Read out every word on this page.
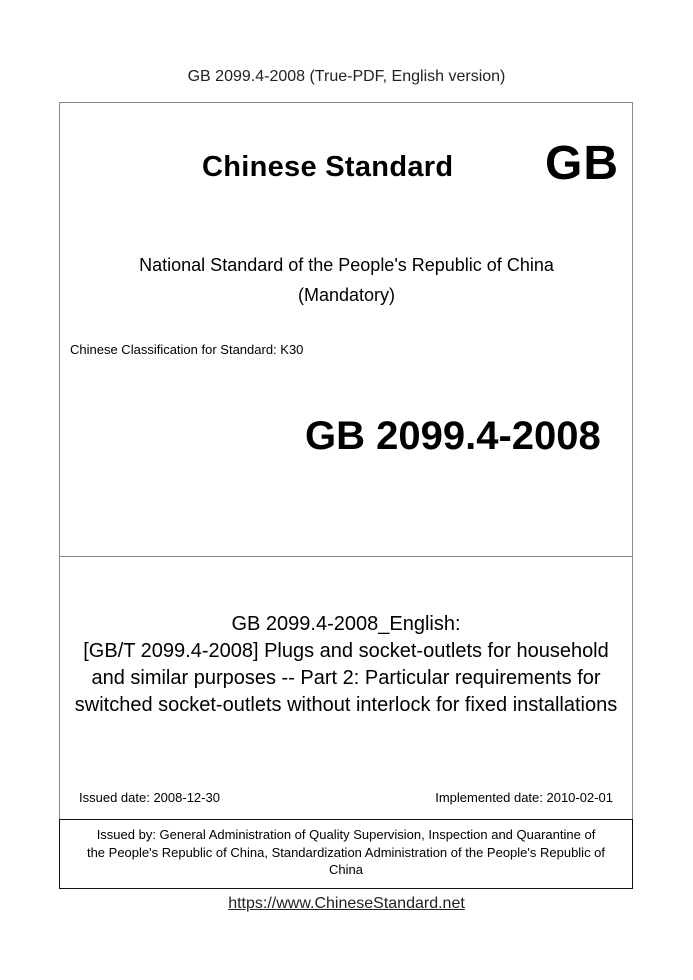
GB 2099.4-2008 (True-PDF, English version)
Chinese Standard GB
National Standard of the People's Republic of China
(Mandatory)
Chinese Classification for Standard: K30
GB 2099.4-2008
GB 2099.4-2008_English:
[GB/T 2099.4-2008] Plugs and socket-outlets for household
and similar purposes -- Part 2: Particular requirements for
switched socket-outlets without interlock for fixed installations
Issued date: 2008-12-30	Implemented date: 2010-02-01
Issued by: General Administration of Quality Supervision, Inspection and Quarantine of
the People's Republic of China, Standardization Administration of the People's Republic of
China
https://www.ChineseStandard.net
